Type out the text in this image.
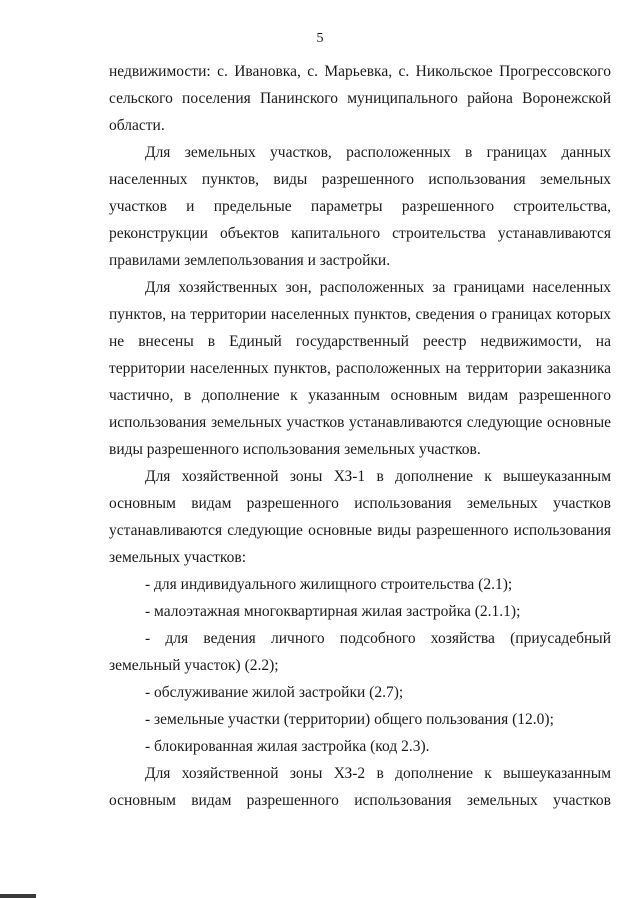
5

недвижимости: с. Ивановка, с. Марьевка, с. Никольское Прогрессовского сельского поселения Панинского муниципального района Воронежской области.

Для земельных участков, расположенных в границах данных населенных пунктов, виды разрешенного использования земельных участков и предельные параметры разрешенного строительства, реконструкции объектов капитального строительства устанавливаются правилами землепользования и застройки.

Для хозяйственных зон, расположенных за границами населенных пунктов, на территории населенных пунктов, сведения о границах которых не внесены в Единый государственный реестр недвижимости, на территории населенных пунктов, расположенных на территории заказника частично, в дополнение к указанным основным видам разрешенного использования земельных участков устанавливаются следующие основные виды разрешенного использования земельных участков.

Для хозяйственной зоны ХЗ-1 в дополнение к вышеуказанным основным видам разрешенного использования земельных участков устанавливаются следующие основные виды разрешенного использования земельных участков:

- для индивидуального жилищного строительства (2.1);

- малоэтажная многоквартирная жилая застройка (2.1.1);

- для ведения личного подсобного хозяйства (приусадебный земельный участок) (2.2);

- обслуживание жилой застройки (2.7);

- земельные участки (территории) общего пользования (12.0);

- блокированная жилая застройка (код 2.3).

Для хозяйственной зоны ХЗ-2 в дополнение к вышеуказанным основным видам разрешенного использования земельных участков
